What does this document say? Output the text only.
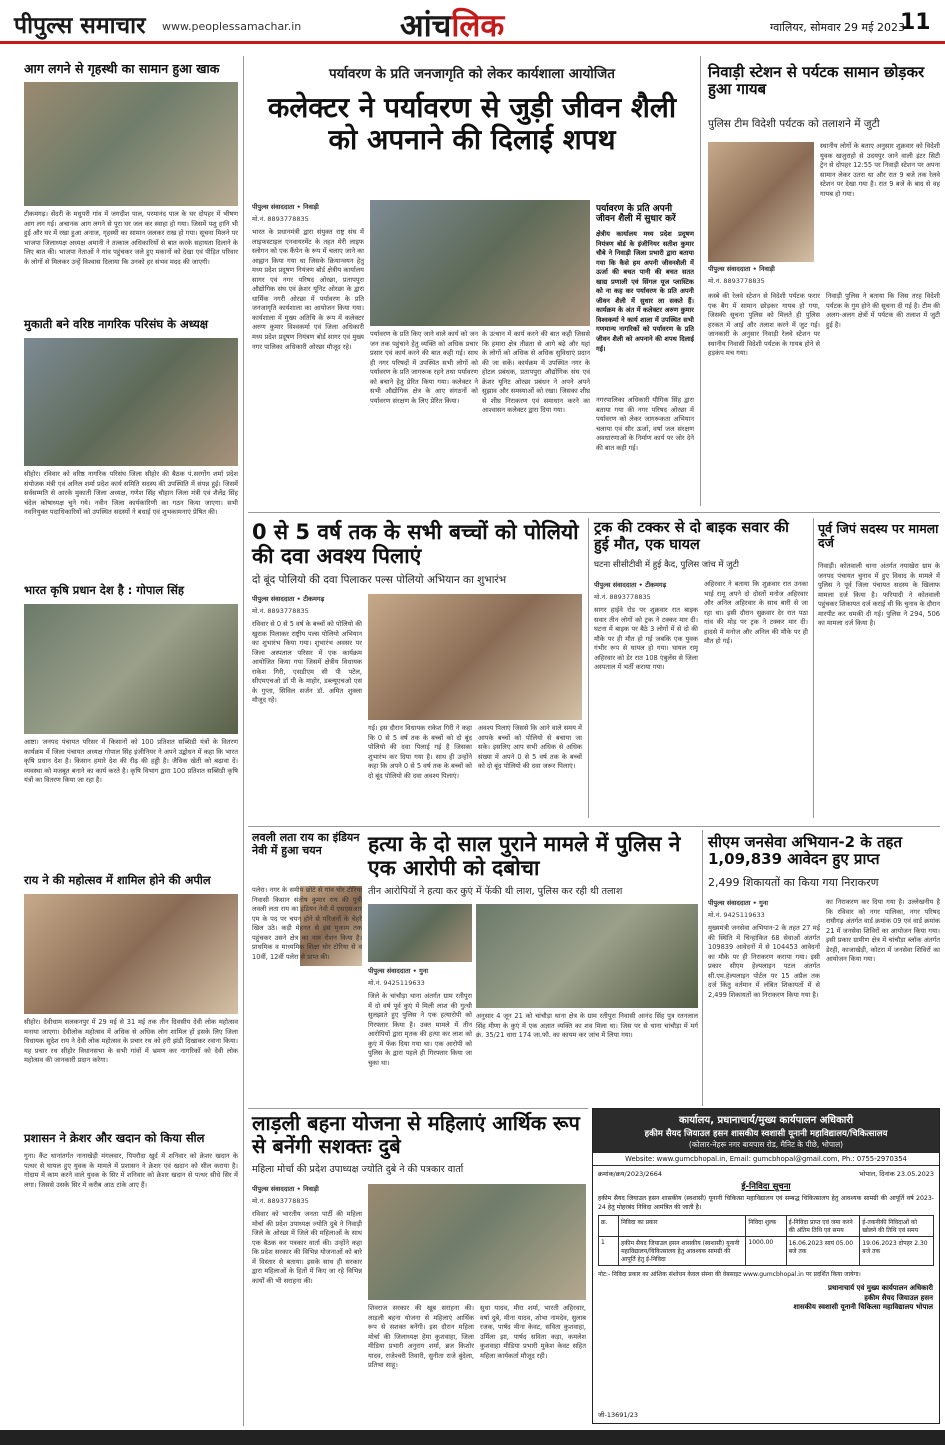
पीपुल्स समाचार www.peoplessamachar.in	आंचलिक	ग्वालियर, सोमवार 29 मई 2023
11
आग लगने से गृहस्थी का सामान हुआ खाक
टीकमगढ़। सेंदरी के मधुपरी गांव में जगदीश पाल, परमानंद पाल के घर दोपहर में भीषण आग लग गई। अचानक आग लगने से पूरा घर जल कर स्वाहा हो गया। जिसमें पशु हानि भी हुई और घर में रखा हुआ अनाज, गृहस्थी का सामान जलकर राख हो गया। सूचना मिलने पर भाजपा जिलाध्यक्ष अध्यक्ष अमानी ने तत्काल अधिकारियों से बात करके सहायता दिलाने के लिए बात की। भाजपा नेताओं ने गांव पहुंचकर जले हुए मकानों को देखा एवं पीड़ित परिवार के लोगों से मिलकर उन्हें विश्वास दिलाया कि उनको हर संभव मदद की जाएगी।
मुकाती बने वरिष्ठ नागरिक परिसंघ के अध्यक्ष
सीहोर। रविवार को वरिष्ठ नागरिक परिसंघ जिला सीहोर की बैठक पं.सरगोंग शर्मा प्रदेश संयोजक मंत्री एवं अनिल शर्मा प्रदेश कार्य समिति सदस्य की उपस्थिति में संपन्न हुई। जिसमें सर्वसम्मति से आरके मुकाती जिला अध्यक्ष, गणेश सिंह चौहान जिला मंत्री एवं शैलेंद्र सिंह चंदेल कोषाध्यक्ष चुने गये। नवीन जिला कार्यकारिणी का गठन किया जाएगा। सभी नवनियुक्त पदाधिकारियों को उपस्थित सदस्यों ने बधाई एवं शुभकामनाएं प्रेषित की।
भारत कृषि प्रधान देश है : गोपाल सिंह
आष्टा। जनपद पंचायत परिसर में किसानों को 100 प्रतिशत सब्सिडी यंत्रों के वितरण कार्यक्रम में जिला पंचायत अध्यक्ष गोपाल सिंह इंजीनियर ने अपने उद्बोधन में कहा कि भारत कृषि प्रधान देश है। किसान हमारे देश की रीढ़ की हड्डी है। जैविक खेती को बढ़ावा दें। व्यवस्था को मजबूत बनाने का कार्य करते है। कृषि विभाग द्वारा 100 प्रतिशत सब्सिडी कृषि यंत्रों का वितरण किया जा रहा है।
राय ने की महोत्सव में शामिल होने की अपील
सीहोर। देवीधाम सलकनपुर में 29 मई से 31 मई तक तीन दिवसीय देवी लोक महोत्सव मनाया जाएगा। देवीलोक महोत्सव में अधिक से अधिक लोग शामिल हों इसके लिए जिला विधायक सुदेश राय ने देवी लोक महोत्सव के प्रचार रथ को हरी झंडी दिखाकर रवाना किया। यह प्रचार रथ सीहोर विधानसभा के सभी गांवों में भ्रमण कर नागरिकों को देवी लोक महोत्सव की जानकारी प्रदान करेगा।
प्रशासन ने क्रेशर और खदान को किया सील
गुना। कैंट थानांतर्गत नानाखेड़ी मंगलवार, पिपरौदा खुर्द में शनिवार को क्रेशर खदान के पत्थर से घायल हुए युवक के मामले में प्रशासन ने क्रेशर एवं खदान को सील कराया है। गोदाम में काम करने वाले युवक के सिर में शनिवार को क्रेशर खदान से पत्थर सीधे सिर में लगा। जिससे उसके सिर में करीब आठ टांके आए हैं।
पर्यावरण के प्रति जनजागृति को लेकर कार्यशाला आयोजित
कलेक्टर ने पर्यावरण से जुड़ी जीवन शैली को अपनाने की दिलाई शपथ
पीपुल्स संवाददाता • निवाड़ी
मो.नं. 8893778835
भारत के प्रधानमंत्री द्वारा संयुक्त राष्ट्र संघ में लाइफस्टाइल एनवायरमेंट के तहत मेरी लाइफ स्लोगन को एक कैंपेन के रूप में चलाए जाने का आह्वान किया गया था जिसके क्रियान्वयन हेतु मध्य प्रदेश प्रदूषण नियंत्रण बोर्ड क्षेत्रीय कार्यालय सागर एवं नगर परिषद ओरछा, प्रतापपुरा औद्योगिक संघ एवं क्रेशर यूनिट ओरछा के द्वारा धार्मिक नगरी ओरछा में पर्यावरण के प्रति जनजागृति कार्यशाला का आयोजन किया गया। कार्यशाला में मुख्य अतिथि के रूप में कलेक्टर अरुण कुमार विश्वकर्मा एवं जिला अधिकारी मध्य प्रदेश प्रदूषण नियंत्रण बोर्ड सागर एवं मुख्य नगर पालिका अधिकारी ओरछा मौजूद रहे।
पर्यावरण के प्रति किए जाने वाले कार्य को जन जन तक पहुंचाने हेतु व्यक्ति को अधिक प्रचार प्रसार एवं कार्य करने की बात कही गई। साथ ही नगर परिषदों में उपस्थित सभी लोगों को पर्यावरण के प्रति जागरूक रहने तथा पर्यावरण को बचाने हेतु प्रेरित किया गया। कलेक्टर ने सभी औद्योगिक क्षेत्र के आए संगठनों को पर्यावरण संरक्षण के लिए प्रेरित किया।
के उत्थान में कार्य करने की बात कही जिससे कि हमारा क्षेत्र तीव्रता से आगे बढ़े और यहां के लोगों को अधिक से अधिक सुविधाएं प्रदान की जा सकें। कार्यक्रम में उपस्थित नगर के होटल प्रबंधक, प्रतापपुरा औद्योगिक संघ एवं क्रेशर यूनिट ओरछा प्रबंधन ने अपने अपने सुझाव और समस्याओं को रखा। जिसका शीघ्र से शीघ्र निराकरण एवं समाधान करने का आश्वासन कलेक्टर द्वारा दिया गया।
पर्यावरण के प्रति अपनी जीवन शैली में सुधार करें
क्षेत्रीय कार्यालय मध्य प्रदेश प्रदूषण नियंत्रण बोर्ड के इंजीनियर सतीश कुमार चौबे ने निवाड़ी जिला प्रभारी द्वारा बताया गया कि कैसे हम अपनी जीवनशैली में ऊर्जा की बचत पानी की बचत सतत खाद्य प्रणाली एवं सिंगल यूज प्लास्टिक को ना कह कर पर्यावरण के प्रति अपनी जीवन शैली में सुधार ला सकते हैं। कार्यक्रम के अंत में कलेक्टर अरुण कुमार विश्वकर्मा ने कार्य शाला में उपस्थित सभी गणमान्य नागरिकों को पर्यावरण के प्रति जीवन शैली को अपनाने की शपथ दिलाई गई।
नगरपालिका अधिकारी यौगिक सिंह द्वारा बताया गया की नगर परिषद ओरछा में पर्यावरण को लेकर जागरूकता अभियान चलाया एवं सौर ऊर्जा, वर्षा जल संरक्षण अवधारणाओं के निर्माण कार्य पर जोर देने की बात कही गई।
निवाड़ी स्टेशन से पर्यटक सामान छोड़कर हुआ गायब
पुलिस टीम विदेशी पर्यटक को तलाशने में जुटी
पीपुल्स संवाददाता • निवाड़ी
मो.नं. 8893778835
स्थानीय लोगों के बताए अनुसार शुक्रवार को विदेशी युवक खजुराहो से उदयपुर जाने वाली इंटर सिटी ट्रेन से दोपहर 12:55 पर निवाड़ी स्टेशन पर अपना सामान लेकर उतरा था और रात 9 बजे तक रेलवे स्टेशन पर देखा गया है। रात 9 बजे के बाद से वह गायब हो गया।
कस्बे की रेलवे स्टेशन से विदेशी पर्यटक फरार एक बैग में सामान छोड़कर गायब हो गया, जिसकी सूचना पुलिस को मिलते ही पुलिस हरकत में आई और तलाश करने में जुट गई। जानकारी के अनुसार निवाड़ी रेलवे स्टेशन पर स्थानीय निवासी विदेशी पर्यटक के गायब होने से हड़कंप मच गया।
निवाड़ी पुलिस ने बताया कि जिस तरह विदेशी पर्यटक के गुम होने की सूचना दी गई है। टीम की अलग-अलग क्षेत्रों में पर्यटक की तलाश में जुटी हुई है।
0 से 5 वर्ष तक के सभी बच्चों को पोलियो की दवा अवश्य पिलाएं
दो बूंद पोलियो की दवा पिलाकर पल्स पोलियो अभियान का शुभारंभ
पीपुल्स संवाददाता • टीकमगढ़
मो.नं. 8893778835
रविवार से 0 से 5 वर्ष के बच्चों को पोलियो की खुराक पिलाकर राष्ट्रीय पल्स पोलियो अभियान का शुभारंभ किया गया। शुभारंभ अवसर पर जिला अस्पताल परिसर में एक कार्यक्रम आयोजित किया गया जिसमें क्षेत्रीय विधायक राकेश गिरी, एसडीएम सी पी पटेल, सीएमएचओ डॉ पी के माहोर, डब्ल्यूएचओ एस के गुप्ता, सिविल सर्जन डॉ. अमित शुक्ला मौजूद रहे।
गई। इस दौरान विधायक राकेश गिरी ने कहा कि 0 से 5 वर्ष तक के बच्चों को दो बूंद पोलियो की दवा पिलाई गई है जिसका शुभारंभ कर दिया गया है। साथ ही उन्होंने कहा कि अपने 0 से 5 वर्ष तक के बच्चों को दो बूंद पोलियो की दवा अवश्य पिलाएं।
अवश्य पिलाएं जिससे कि आने वाले समय में आपके बच्चों को पोलियो से बचाया जा सके। इसलिए आप सभी अधिक से अधिक संख्या में अपने 0 से 5 वर्ष तक के बच्चों को दो बूंद पोलियो की दवा जरूर पिलाएं।
ट्रक की टक्कर से दो बाइक सवार की हुई मौत, एक घायल
घटना सीसीटीवी में हुई कैद, पुलिस जांच में जुटी
पीपुल्स संवाददाता • टीकमगढ़
मो.नं. 8893778835
सागर हाईवे रोड पर शुक्रवार रात बाइक सवार तीन लोगों को ट्रक ने टक्कर मार दी। घटना में बाइक पर बैठे 3 लोगों में से दो की मौके पर ही मौत हो गई जबकि एक युवक गंभीर रूप से घायल हो गया। घायल रामू अहिरवार को डेर रात 108 एंबुलेंस से जिला अस्पताल में भर्ती कराया गया।
अहिरवार ने बताया कि शुक्रवार रात उनका भाई रामू अपने दो दोस्तों मनोज अहिरवार और अनिल अहिरवार के साथ बारी से जा रहा था। इसी दौरान सुक्रवार देर रात पठा गांव की मोड़ पर ट्रक ने टक्कर मार दी। हादसे में मनोज और अनिल की मौके पर ही मौत हो गई।
पूर्व जिपं सदस्य पर मामला दर्ज
निवाड़ी। कोतवाली थाना अंतर्गत नयाखेरा ग्राम के जनपद पंचायत चुनाव में हुए विवाद के मामले में पुलिस ने पूर्व जिला पंचायत सदस्य के खिलाफ मामला दर्ज किया है। फरियादी ने कोतवाली पहुंचकर शिकायत दर्ज कराई थी कि चुनाव के दौरान मारपीट कर धमकी दी गई। पुलिस ने 294, 506 का मामला दर्ज किया है।
लवली लता राय का इंडियन नेवी में हुआ चयन
पलेरा। नगर के समीप छोटे से गांव घोर टोरिया निवासी किसान संतोष कुमार राय की पुत्री लवली लता राय का इंडियन नेवी में एसएसआर एम के पद पर चयन होने से परिजनों के चेहरे खिल उठे। कड़ी मेहनत से इस मुकाम तक पहुंचकर उसने क्षेत्र का नाम रोशन किया है। प्राथमिक व माध्यमिक शिक्षा घोर टोरिया से व 10वीं, 12वीं पलेरा से प्राप्त की।
हत्या के दो साल पुराने मामले में पुलिस ने एक आरोपी को दबोचा
तीन आरोपियों ने हत्या कर कुएं में फेंकी थी लाश, पुलिस कर रही थी तलाश
पीपुल्स संवाददाता • गुना
मो.नं. 9425119633
जिले के चांचौड़ा थाना अंतर्गत ग्राम रतीपुरा में दो वर्ष पूर्व कुएं में मिली लाश की गुत्थी सुलझाते हुए पुलिस ने एक हत्यारोपी को गिरफ्तार किया है। उक्त मामले में तीन आरोपियों द्वारा मृतक की हत्या कर लाश को कुएं में फेंक दिया गया था। एक आरोपी को पुलिस के द्वारा पहले ही गिरफ्तार किया जा चुका था।
अनुसार 4 जून 21 को चांचौड़ा थाना क्षेत्र के ग्राम रतीपुरा निवासी आनंद सिंह पुत्र रतनलाल सिंह मीणा के कुएं में एक अज्ञात व्यक्ति का शव मिला था। जिस पर से थाना चांचौड़ा में मर्ग क्रं. 35/21 धारा 174 जा.फौ. का कायम कर जांच में लिया गया।
सीएम जनसेवा अभियान-2 के तहत 1,09,839 आवेदन हुए प्राप्त
2,499 शिकायतों का किया गया निराकरण
पीपुल्स संवाददाता • गुना
मो.नं. 9425119633
मुख्यमंत्री जनसेवा अभियान-2 के तहत 27 मई की स्थिति में चिन्हांकित 68 सेवाओं अंतर्गत 109839 आवेदनों में से 104453 आवेदनों का मौके पर ही निराकरण कराया गया। इसी प्रकार सीएम हेल्पलाइन पटल अंतर्गत सी.एम.हेल्पलाइन पोर्टल पर 15 अप्रैल तक दर्ज किंतु वर्तमान में लंबित शिकायतों में से 2,499 शिकायतों का निराकरण किया गया है।
का निराकरण कर दिया गया है। उल्लेखनीय है कि रविवार को नगर पालिका, नगर परिषद राघौगढ़ अंतर्गत वार्ड क्रमांक 09 एवं वार्ड क्रमांक 21 में जनसेवा शिविरों का आयोजन किया गया। इसी प्रकार ग्रामीण क्षेत्र में चांचौड़ा ब्लॉक अंतर्गत डेरही, काजाखेड़ी, कोटरा में जनसेवा शिविरों का आयोजन किया गया।
लाड़ली बहना योजना से महिलाएं आर्थिक रूप से बनेंगी सशक्तः दुबे
महिला मोर्चा की प्रदेश उपाध्यक्ष ज्योति दुबे ने की पत्रकार वार्ता
पीपुल्स संवाददाता • निवाड़ी
मो.नं. 8893778835
रविवार को भारतीय जनता पार्टी की महिला मोर्चा की प्रदेश उपाध्यक्ष ज्योति दुबे ने निवाड़ी जिले के ओरछा में जिले की महिलाओं के साथ एक बैठक कर पत्रकार वार्ता की। उन्होंने कहा कि प्रदेश सरकार की विभिन्न योजनाओं को बारे में विस्तार से बताया। इसके साथ ही सरकार द्वारा महिलाओं के हितों में किए जा रहे विभिन्न कार्यों की भी सराहना की।
शिवराज सरकार की खूब सराहना की। लाड़ली बहना योजना से महिलाएं आर्थिक रूप से सशक्त बनेंगी। इस दौरान महिला मोर्चा की जिलाध्यक्ष हेमा कुशवाहा, जिला मीडिया प्रभारी अनुराग शर्मा, ब्रज किशोर यादव, राजेश्वरी तिवारी, सुनीता राजे बुंदेला, प्रतिभा साहू।
सुधा यादव, मीरा शर्मा, भारती अहिरवार, वर्षा दुबे, मीना यादव, शोभा नामदेव, सुलाब रजक, पार्षद मीना केवट, सविता कुशवाहा, उर्मिला झा, पार्षद सविता कड़ा, कमलेश कुशवाहा मीडिया प्रभारी मुकेश केवट सहित महिला कार्यकर्ता मौजूद रही।
कार्यालय, प्रधानाचार्य/मुख्य कार्यपालन अधिकारी
हकीम सैयद जियाउल हसन शासकीय स्वशासी यूनानी महाविद्यालय/चिकित्सालय
(कोलार-नेहरू नगर बायपास रोड, मैनिट के पीछे, भोपाल)
Website: www.gumcbhopal.in, Email: gumcbhopal@gmail.com, Ph.: 0755-2970354
क्रमांक/क्रय/2023/2664	भोपाल, दिनांक 23.05.2023
ई-निविदा सूचना
हकीम सैयद जियाउल हसन शासकीय (स्वशासी) यूनानी चिकित्सा महाविद्यालय एवं सम्बद्ध चिकित्सालय हेतु आवश्यक सामग्री की आपूर्ति वर्ष 2023-24 हेतु मोहरबंद निविदा आमंत्रित की जाती है।
क्र.	निविदा का प्रकार	निविदा शुल्क	ई-निविदा प्राप्त एवं जमा करने की अंतिम तिथि एवं समय	ई-तकनीकी निविदाओं को खोलने की तिथि एवं समय
1	हकीम सैयद जियाउल हसन शासकीय (स्वशासी) यूनानी महाविद्यालय/चिकित्सालय हेतु आवश्यक सामग्री की आपूर्ति हेतु ई-निविदा	1000.00	16.06.2023 सायं 05.00 बजे तक	19.06.2023 दोपहर 2.30 बजे तक
नोट:- निविदा प्रकार का आंशिक संशोधन केवल संस्था की वेबसाइट www.gumcbhopal.in पर प्रदर्शित किया जायेगा।
प्रधानाचार्य एवं मुख्य कार्यपालन अधिकारी
हकीम सैयद जियाउल हसन
शासकीय स्वशासी यूनानी चिकित्सा महाविद्यालय भोपाल
जी-13691/23
